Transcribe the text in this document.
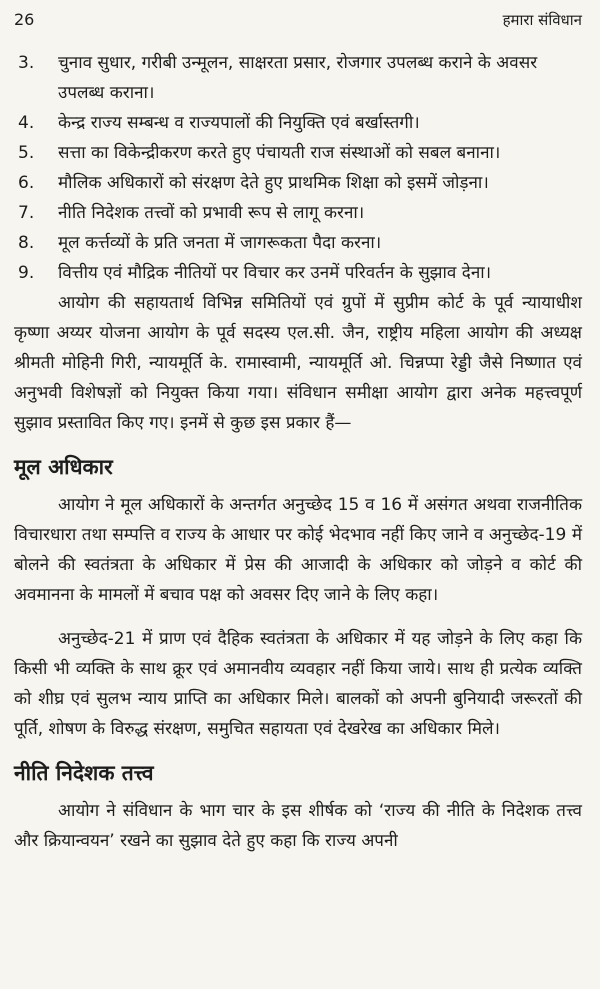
26	हमारा संविधान
3.	चुनाव सुधार, गरीबी उन्मूलन, साक्षरता प्रसार, रोजगार उपलब्ध कराने के अवसर उपलब्ध कराना।
4.	केन्द्र राज्य सम्बन्ध व राज्यपालों की नियुक्ति एवं बर्खास्तगी।
5.	सत्ता का विकेन्द्रीकरण करते हुए पंचायती राज संस्थाओं को सबल बनाना।
6.	मौलिक अधिकारों को संरक्षण देते हुए प्राथमिक शिक्षा को इसमें जोड़ना।
7.	नीति निदेशक तत्त्वों को प्रभावी रूप से लागू करना।
8.	मूल कर्त्तव्यों के प्रति जनता में जागरूकता पैदा करना।
9.	वित्तीय एवं मौद्रिक नीतियों पर विचार कर उनमें परिवर्तन के सुझाव देना।

आयोग की सहायतार्थ विभिन्न समितियों एवं ग्रुपों में सुप्रीम कोर्ट के पूर्व न्यायाधीश कृष्णा अय्यर योजना आयोग के पूर्व सदस्य एल.सी. जैन, राष्ट्रीय महिला आयोग की अध्यक्ष श्रीमती मोहिनी गिरी, न्यायमूर्ति के. रामास्वामी, न्यायमूर्ति ओ. चिन्नप्पा रेड्डी जैसे निष्णात एवं अनुभवी विशेषज्ञों को नियुक्त किया गया। संविधान समीक्षा आयोग द्वारा अनेक महत्त्वपूर्ण सुझाव प्रस्तावित किए गए। इनमें से कुछ इस प्रकार हैं—

मूल अधिकार

आयोग ने मूल अधिकारों के अन्तर्गत अनुच्छेद 15 व 16 में असंगत अथवा राजनीतिक विचारधारा तथा सम्पत्ति व राज्य के आधार पर कोई भेदभाव नहीं किए जाने व अनुच्छेद-19 में बोलने की स्वतंत्रता के अधिकार में प्रेस की आजादी के अधिकार को जोड़ने व कोर्ट की अवमानना के मामलों में बचाव पक्ष को अवसर दिए जाने के लिए कहा।

अनुच्छेद-21 में प्राण एवं दैहिक स्वतंत्रता के अधिकार में यह जोड़ने के लिए कहा कि किसी भी व्यक्ति के साथ क्रूर एवं अमानवीय व्यवहार नहीं किया जाये। साथ ही प्रत्येक व्यक्ति को शीघ्र एवं सुलभ न्याय प्राप्ति का अधिकार मिले। बालकों को अपनी बुनियादी जरूरतों की पूर्ति, शोषण के विरुद्ध संरक्षण, समुचित सहायता एवं देखरेख का अधिकार मिले।

नीति निदेशक तत्त्व

आयोग ने संविधान के भाग चार के इस शीर्षक को ‘राज्य की नीति के निदेशक तत्त्व और क्रियान्वयन’ रखने का सुझाव देते हुए कहा कि राज्य अपनी
